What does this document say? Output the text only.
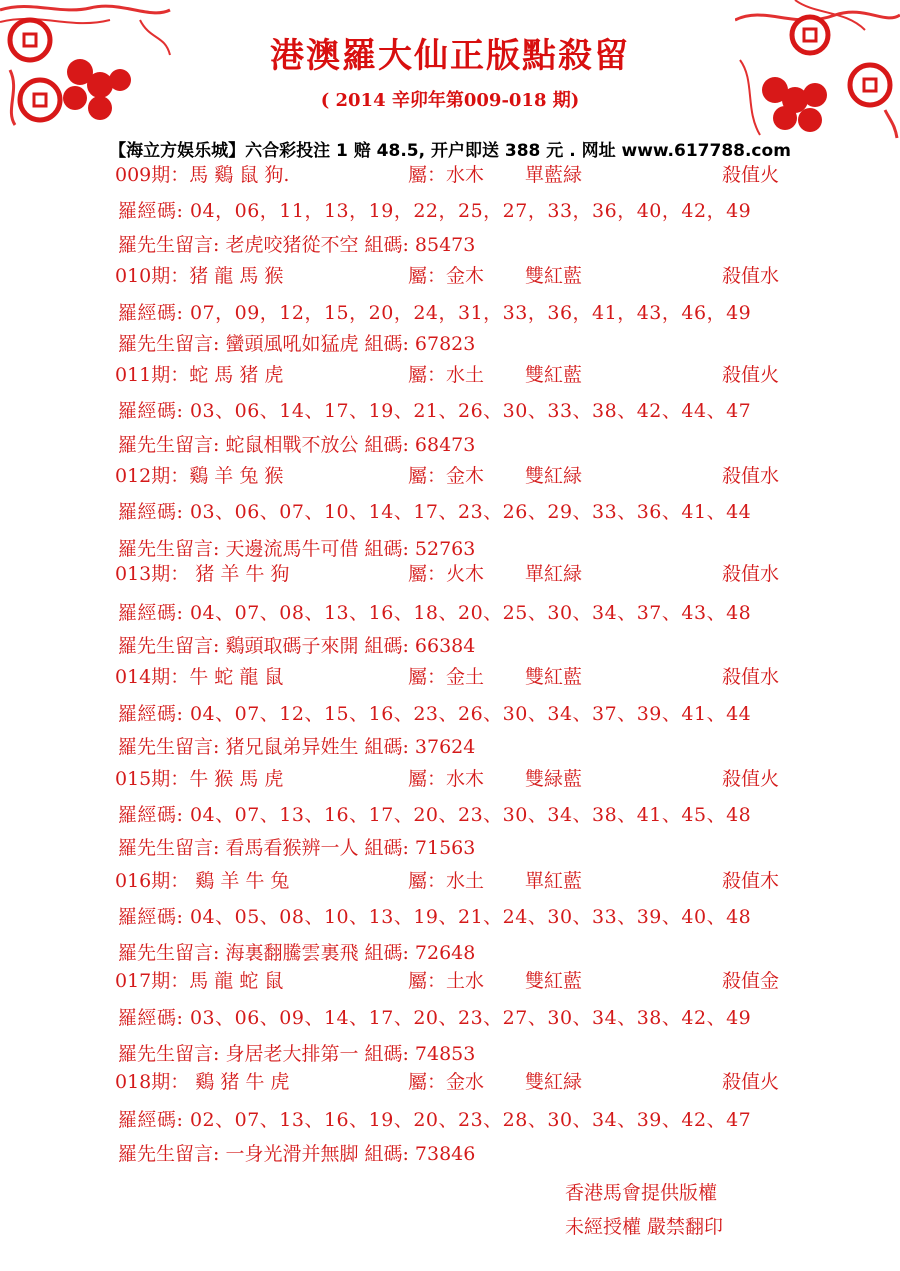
港澳羅大仙正版點殺留
( 2014 辛卯年第009-018 期)
【海立方娱乐城】六合彩投注 1 赔 48.5, 开户即送 388 元 . 网址 www.617788.com
009期：馬 鷄 鼠 狗.	屬：水木 單藍緑	殺值火
羅經碼: 04，06，11，13，19，22，25，27，33，36，40，42，49
羅先生留言: 老虎咬猪從不空 組碼: 85473
010期：猪 龍 馬 猴	屬：金木 雙紅藍	殺值水
羅經碼: 07，09，12，15，20，24，31，33，36，41，43，46，49
羅先生留言: 蠻頭風吼如猛虎 組碼: 67823
011期：蛇 馬 猪 虎	屬：水土 雙紅藍	殺值火
羅經碼: 03、06、14、17、19、21、26、30、33、38、42、44、47
羅先生留言: 蛇鼠相戰不放公 組碼: 68473
012期：鷄 羊 兔 猴	屬：金木 雙紅緑	殺值水
羅經碼: 03、06、07、10、14、17、23、26、29、33、36、41、44
羅先生留言: 天邊流馬牛可借 組碼: 52763
013期： 猪 羊 牛 狗	屬：火木 單紅緑	殺值水
羅經碼: 04、07、08、13、16、18、20、25、30、34、37、43、48
羅先生留言: 鷄頭取碼子來開 組碼: 66384
014期：牛 蛇 龍 鼠	屬：金土 雙紅藍	殺值水
羅經碼: 04、07、12、15、16、23、26、30、34、37、39、41、44
羅先生留言: 猪兄鼠弟异姓生 組碼: 37624
015期：牛 猴 馬 虎	屬：水木 雙緑藍	殺值火
羅經碼: 04、07、13、16、17、20、23、30、34、38、41、45、48
羅先生留言: 看馬看猴辨一人 組碼: 71563
016期： 鷄 羊 牛 兔	屬：水土 單紅藍	殺值木
羅經碼: 04、05、08、10、13、19、21、24、30、33、39、40、48
羅先生留言: 海裏翻騰雲裏飛 組碼: 72648
017期：馬 龍 蛇 鼠	屬：土水 雙紅藍	殺值金
羅經碼: 03、06、09、14、17、20、23、27、30、34、38、42、49
羅先生留言: 身居老大排第一 組碼: 74853
018期： 鷄 猪 牛 虎	屬：金水 雙紅緑	殺值火
羅經碼: 02、07、13、16、19、20、23、28、30、34、39、42、47
羅先生留言: 一身光滑并無脚 組碼: 73846
香港馬會提供版權
未經授權 嚴禁翻印
